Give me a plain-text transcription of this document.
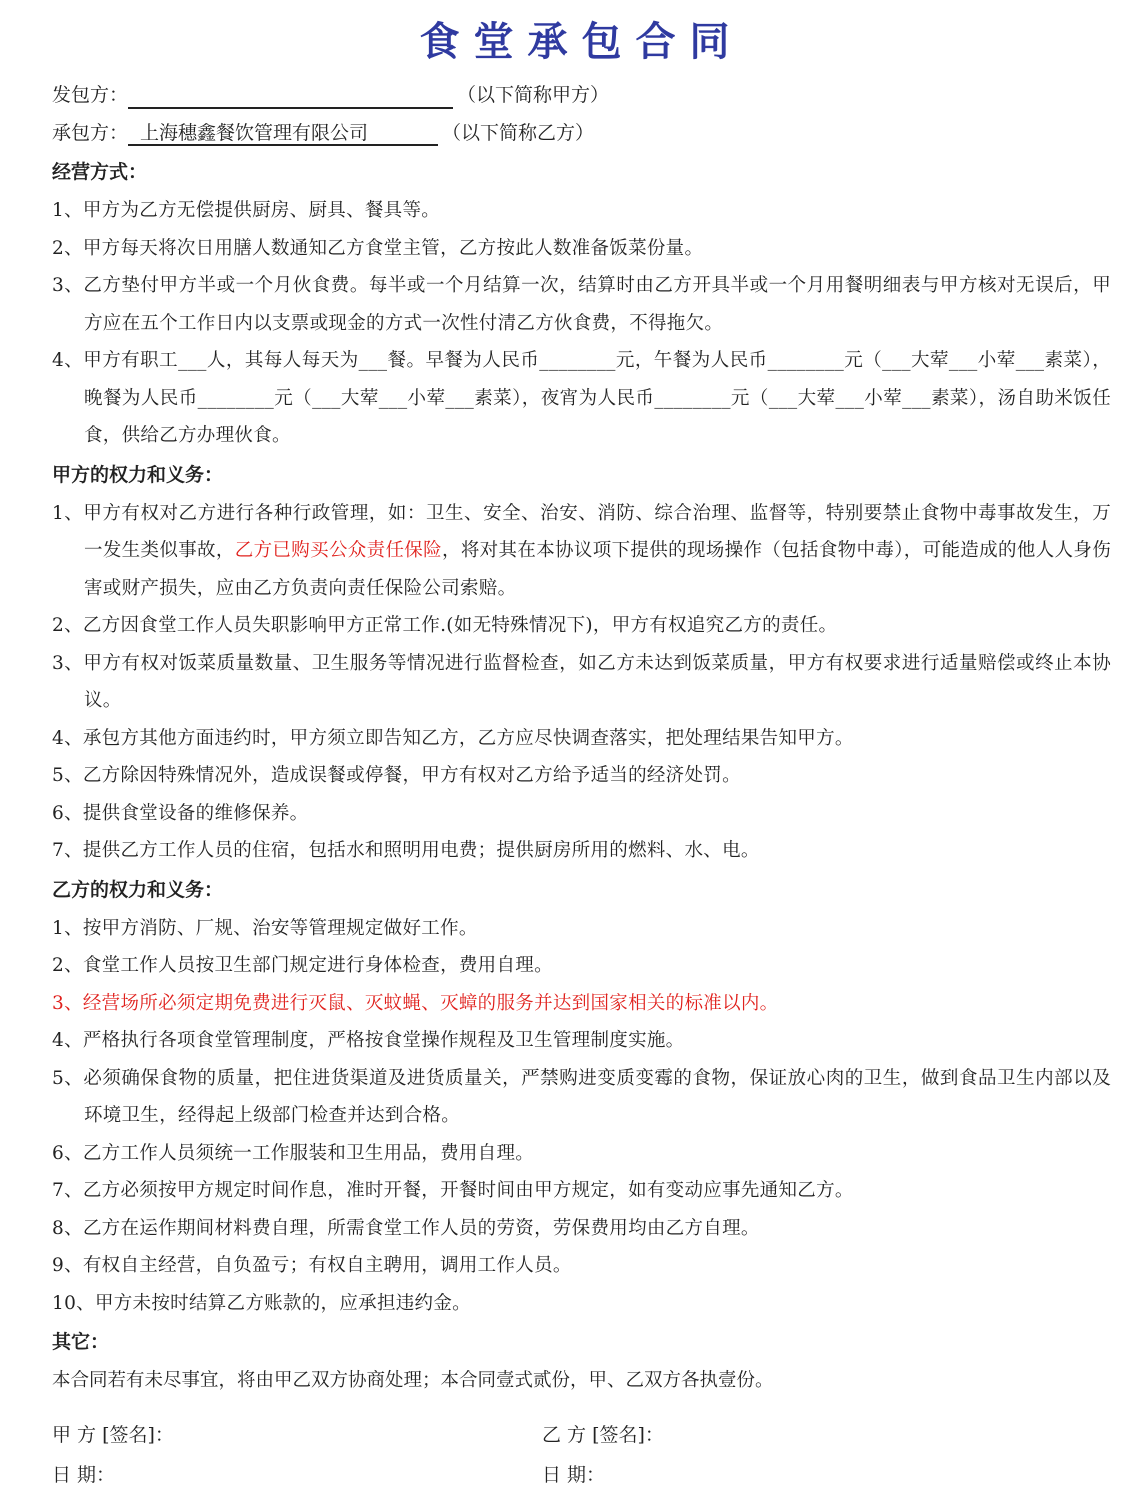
食堂承包合同
发包方：	（以下简称甲方）
承包方： 上海穗鑫餐饮管理有限公司	（以下简称乙方）
经营方式：
1、甲方为乙方无偿提供厨房、厨具、餐具等。
2、甲方每天将次日用膳人数通知乙方食堂主管，乙方按此人数准备饭菜份量。
3、乙方垫付甲方半或一个月伙食费。每半或一个月结算一次，结算时由乙方开具半或一个月用餐明细表与甲方核对无误后，甲方应在五个工作日内以支票或现金的方式一次性付清乙方伙食费，不得拖欠。
4、甲方有职工___人，其每人每天为___餐。早餐为人民币________元，午餐为人民币________元（___大荤___小荤___素菜），晚餐为人民币________元（___大荤___小荤___素菜），夜宵为人民币________元（___大荤___小荤___素菜），汤自助米饭任食，供给乙方办理伙食。
甲方的权力和义务：
1、甲方有权对乙方进行各种行政管理，如：卫生、安全、治安、消防、综合治理、监督等，特别要禁止食物中毒事故发生，万一发生类似事故，乙方已购买公众责任保险，将对其在本协议项下提供的现场操作（包括食物中毒），可能造成的他人人身伤害或财产损失，应由乙方负责向责任保险公司索赔。
2、乙方因食堂工作人员失职影响甲方正常工作.(如无特殊情况下)，甲方有权追究乙方的责任。
3、甲方有权对饭菜质量数量、卫生服务等情况进行监督检查，如乙方未达到饭菜质量，甲方有权要求进行适量赔偿或终止本协议。
4、承包方其他方面违约时，甲方须立即告知乙方，乙方应尽快调查落实，把处理结果告知甲方。
5、乙方除因特殊情况外，造成误餐或停餐，甲方有权对乙方给予适当的经济处罚。
6、提供食堂设备的维修保养。
7、提供乙方工作人员的住宿，包括水和照明用电费；提供厨房所用的燃料、水、电。
乙方的权力和义务：
1、按甲方消防、厂规、治安等管理规定做好工作。
2、食堂工作人员按卫生部门规定进行身体检查，费用自理。
3、经营场所必须定期免费进行灭鼠、灭蚊蝇、灭蟑的服务并达到国家相关的标准以内。
4、严格执行各项食堂管理制度，严格按食堂操作规程及卫生管理制度实施。
5、必须确保食物的质量，把住进货渠道及进货质量关，严禁购进变质变霉的食物，保证放心肉的卫生，做到食品卫生内部以及环境卫生，经得起上级部门检查并达到合格。
6、乙方工作人员须统一工作服装和卫生用品，费用自理。
7、乙方必须按甲方规定时间作息，准时开餐，开餐时间由甲方规定，如有变动应事先通知乙方。
8、乙方在运作期间材料费自理，所需食堂工作人员的劳资，劳保费用均由乙方自理。
9、有权自主经营，自负盈亏；有权自主聘用，调用工作人员。
10、甲方未按时结算乙方账款的，应承担违约金。
其它：
本合同若有未尽事宜，将由甲乙双方协商处理；本合同壹式贰份，甲、乙双方各执壹份。
甲 方 [签名]：	乙 方 [签名]：
日 期：	日 期：
